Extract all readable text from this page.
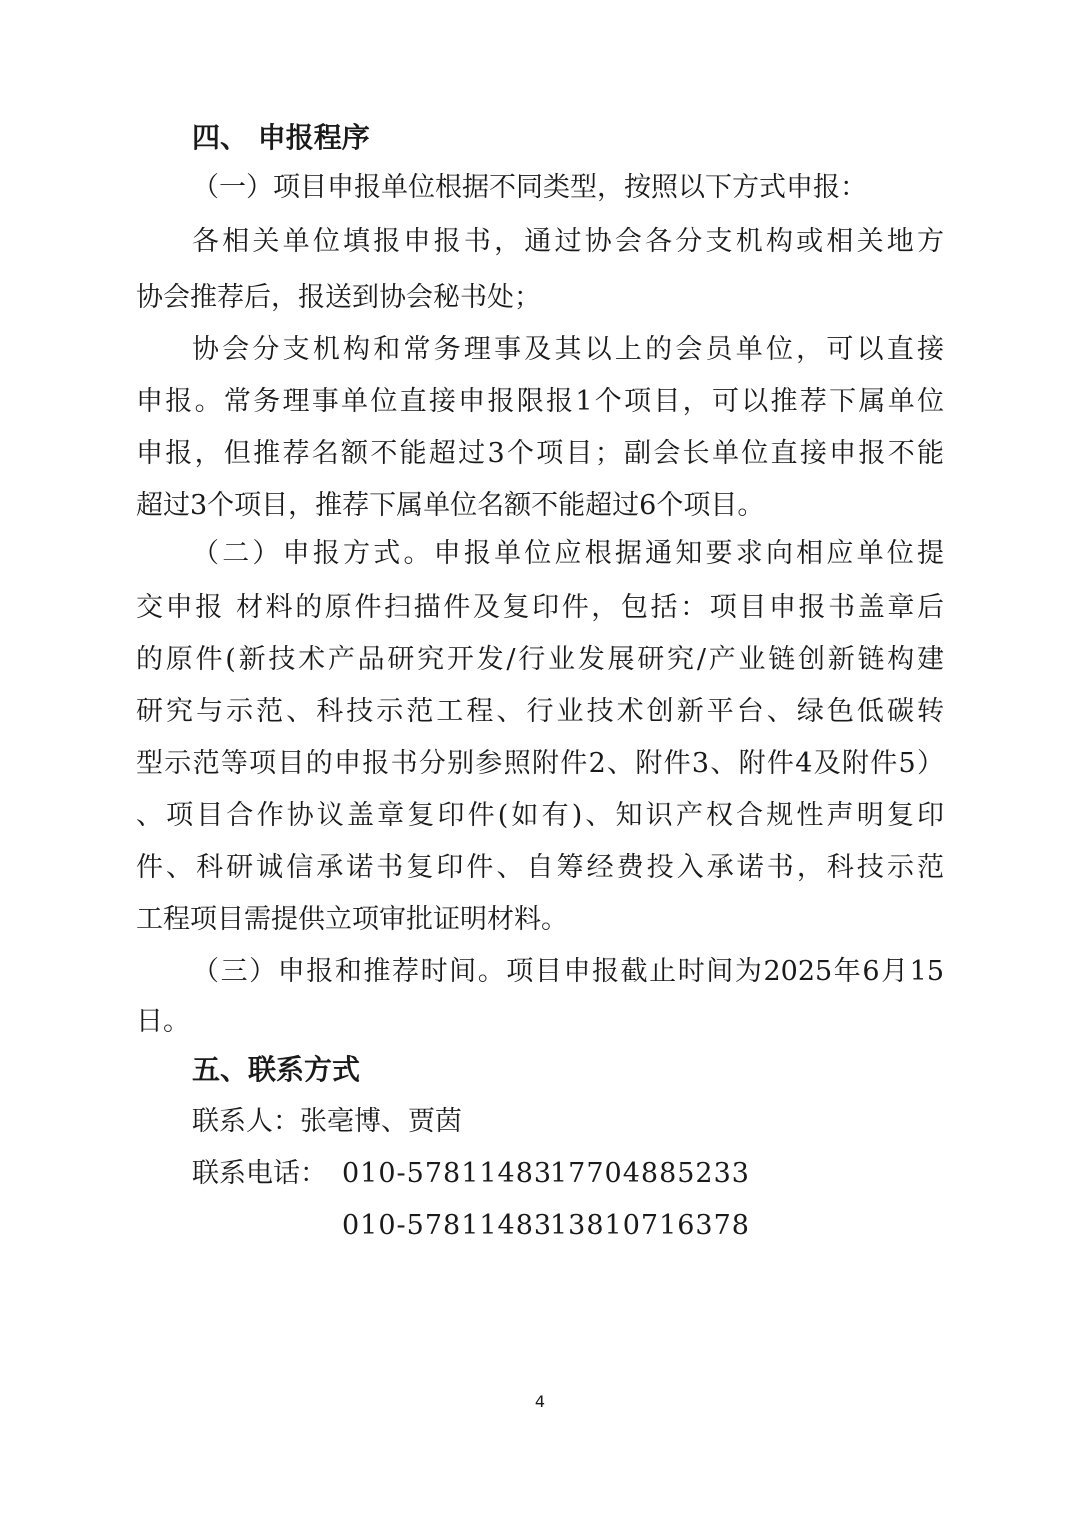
四、 申报程序
（一）项目申报单位根据不同类型，按照以下方式申报：
各相关单位填报申报书，通过协会各分支机构或相关地方
协会推荐后，报送到协会秘书处；
协会分支机构和常务理事及其以上的会员单位，可以直接
申报。常务理事单位直接申报限报1个项目，可以推荐下属单位
申报，但推荐名额不能超过3个项目；副会长单位直接申报不能
超过3个项目，推荐下属单位名额不能超过6个项目。
（二）申报方式。申报单位应根据通知要求向相应单位提
交申报 材料的原件扫描件及复印件，包括：项目申报书盖章后
的原件(新技术产品研究开发/行业发展研究/产业链创新链构建
研究与示范、科技示范工程、行业技术创新平台、绿色低碳转
型示范等项目的申报书分别参照附件2、附件3、附件4及附件5）
、项目合作协议盖章复印件(如有)、知识产权合规性声明复印
件、科研诚信承诺书复印件、自筹经费投入承诺书，科技示范
工程项目需提供立项审批证明材料。
（三）申报和推荐时间。项目申报截止时间为2025年6月15
日。
五、联系方式
联系人：张亳博、贾茵
联系电话： 010-57811483
17704885233
010-57811483
13810716378
4
